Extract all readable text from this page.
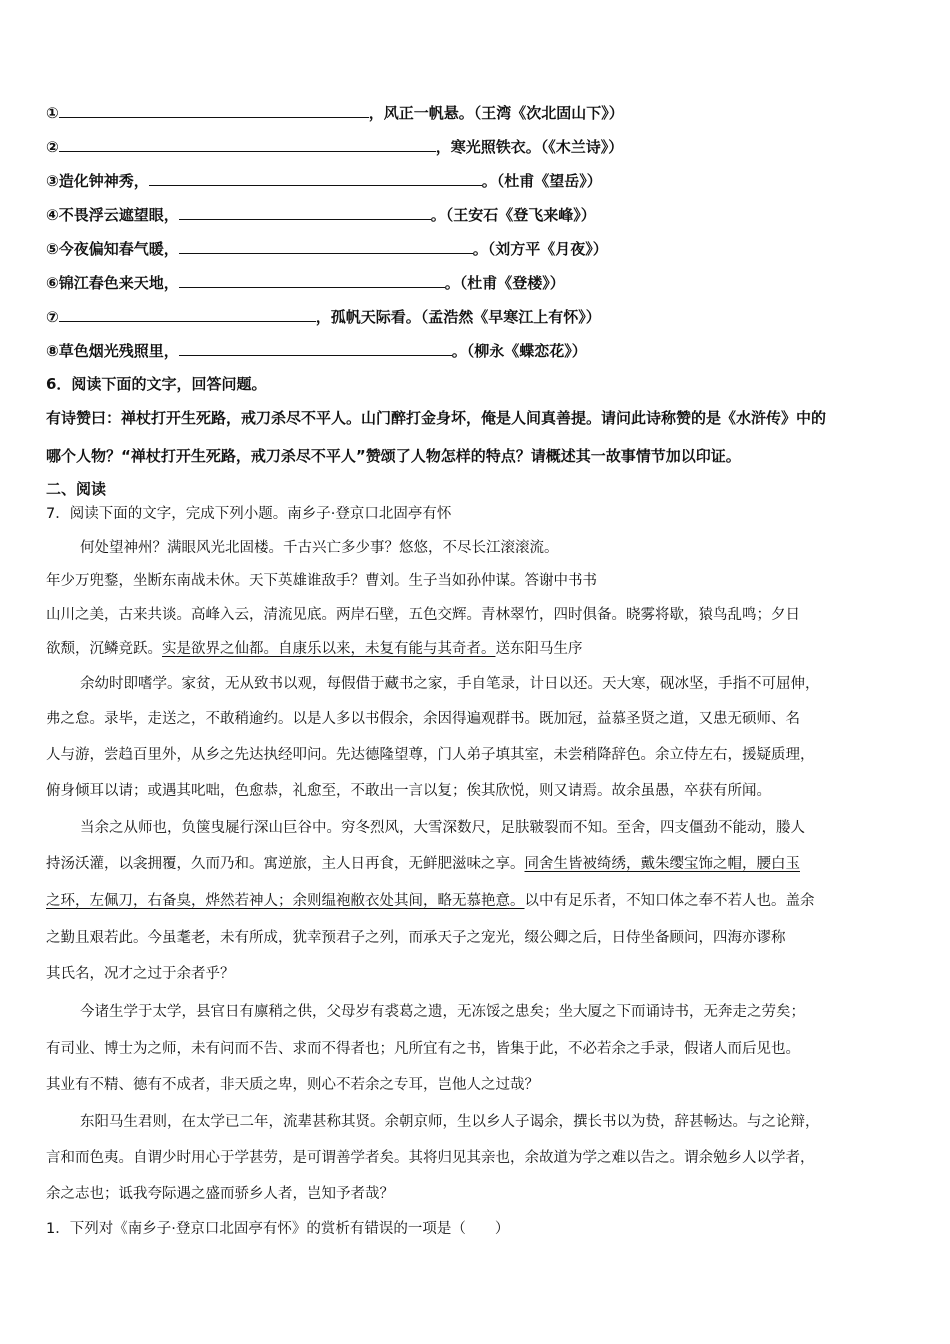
①	，风正一帆悬。（王湾《次北固山下》）
②	，寒光照铁衣。（《木兰诗》）
③造化钟神秀，	。（杜甫《望岳》）
④不畏浮云遮望眼，	。（王安石《登飞来峰》）
⑤今夜偏知春气暖，	。（刘方平《月夜》）
⑥锦江春色来天地，	。（杜甫《登楼》）
⑦	，孤帆天际看。（孟浩然《早寒江上有怀》）
⑧草色烟光残照里，	。（柳永《蝶恋花》）
6．阅读下面的文字，回答问题。
有诗赞曰：禅杖打开生死路，戒刀杀尽不平人。山门醉打金身坏，俺是人间真善提。请问此诗称赞的是《水浒传》中的
哪个人物？“禅杖打开生死路，戒刀杀尽不平人”赞颂了人物怎样的特点？请概述其一故事情节加以印证。
二、阅读
7．阅读下面的文字，完成下列小题。南乡子·登京口北固亭有怀
何处望神州？满眼风光北固楼。千古兴亡多少事？悠悠，不尽长江滚滚流。
年少万兜鍪，坐断东南战未休。天下英雄谁敌手？曹刘。生子当如孙仲谋。答谢中书书
山川之美，古来共谈。高峰入云，清流见底。两岸石壁，五色交辉。青林翠竹，四时俱备。晓雾将歇，猿鸟乱鸣；夕日
欲颓，沉鳞竞跃。实是欲界之仙都。自康乐以来，未复有能与其奇者。送东阳马生序
余幼时即嗜学。家贫，无从致书以观，每假借于藏书之家，手自笔录，计日以还。天大寒，砚冰坚，手指不可屈伸，
弗之怠。录毕，走送之，不敢稍逾约。以是人多以书假余，余因得遍观群书。既加冠，益慕圣贤之道，又患无硕师、名
人与游，尝趋百里外，从乡之先达执经叩问。先达德隆望尊，门人弟子填其室，未尝稍降辞色。余立侍左右，援疑质理，
俯身倾耳以请；或遇其叱咄，色愈恭，礼愈至，不敢出一言以复；俟其欣悦，则又请焉。故余虽愚，卒获有所闻。
当余之从师也，负箧曳屣行深山巨谷中。穷冬烈风，大雪深数尺，足肤皲裂而不知。至舍，四支僵劲不能动，媵人
持汤沃灌，以衾拥覆，久而乃和。寓逆旅，主人日再食，无鲜肥滋味之享。同舍生皆被绮绣，戴朱缨宝饰之帽，腰白玉
之环，左佩刀，右备臭，烨然若神人；余则缊袍敝衣处其间，略无慕艳意。以中有足乐者，不知口体之奉不若人也。盖余
之勤且艰若此。今虽耄老，未有所成，犹幸预君子之列，而承天子之宠光，缀公卿之后，日侍坐备顾问，四海亦谬称
其氏名，况才之过于余者乎？
今诸生学于太学，县官日有廪稍之供，父母岁有裘葛之遗，无冻馁之患矣；坐大厦之下而诵诗书，无奔走之劳矣；
有司业、博士为之师，未有问而不告、求而不得者也；凡所宜有之书，皆集于此，不必若余之手录，假诸人而后见也。
其业有不精、德有不成者，非天质之卑，则心不若余之专耳，岂他人之过哉？
东阳马生君则，在太学已二年，流辈甚称其贤。余朝京师，生以乡人子谒余，撰长书以为贽，辞甚畅达。与之论辩，
言和而色夷。自谓少时用心于学甚劳，是可谓善学者矣。其将归见其亲也，余故道为学之难以告之。谓余勉乡人以学者，
余之志也；诋我夸际遇之盛而骄乡人者，岂知予者哉？
1．下列对《南乡子·登京口北固亭有怀》的赏析有错误的一项是（　　）
